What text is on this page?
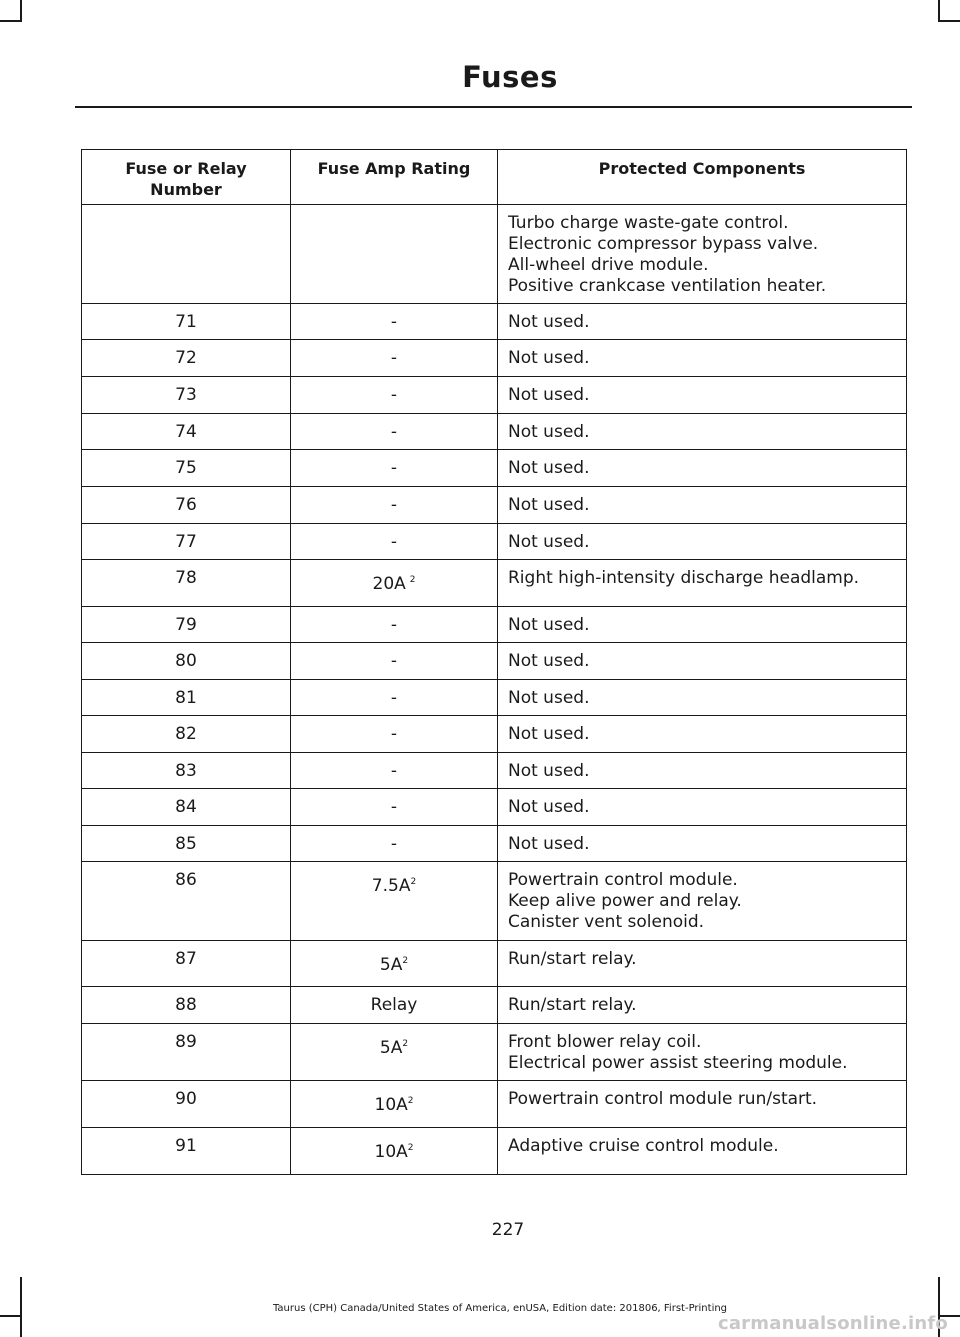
Fuses
Fuse or Relay Number	Fuse Amp Rating	Protected Components

		Turbo charge waste-gate control.
Electronic compressor bypass valve.
All-wheel drive module.
Positive crankcase ventilation heater.

71	-	Not used.

72	-	Not used.

73	-	Not used.

74	-	Not used.

75	-	Not used.

76	-	Not used.

77	-	Not used.

78	20A $^2$	Right high-intensity discharge headlamp.

79	-	Not used.

80	-	Not used.

81	-	Not used.

82	-	Not used.

83	-	Not used.

84	-	Not used.

85	-	Not used.

86	$7.5A^2$	Powertrain control module.
Keep alive power and relay.
Canister vent solenoid.

87	$5A^2$	Run/start relay.

88	Relay	Run/start relay.

89	$5A^2$	Front blower relay coil.
Electrical power assist steering module.

90	$10A^2$	Powertrain control module run/start.

91	$10A^2$	Adaptive cruise control module.
227
Taurus (CPH) Canada/United States of America, enUSA, Edition date: 201806, First-Printing
carmanualsonline.info
